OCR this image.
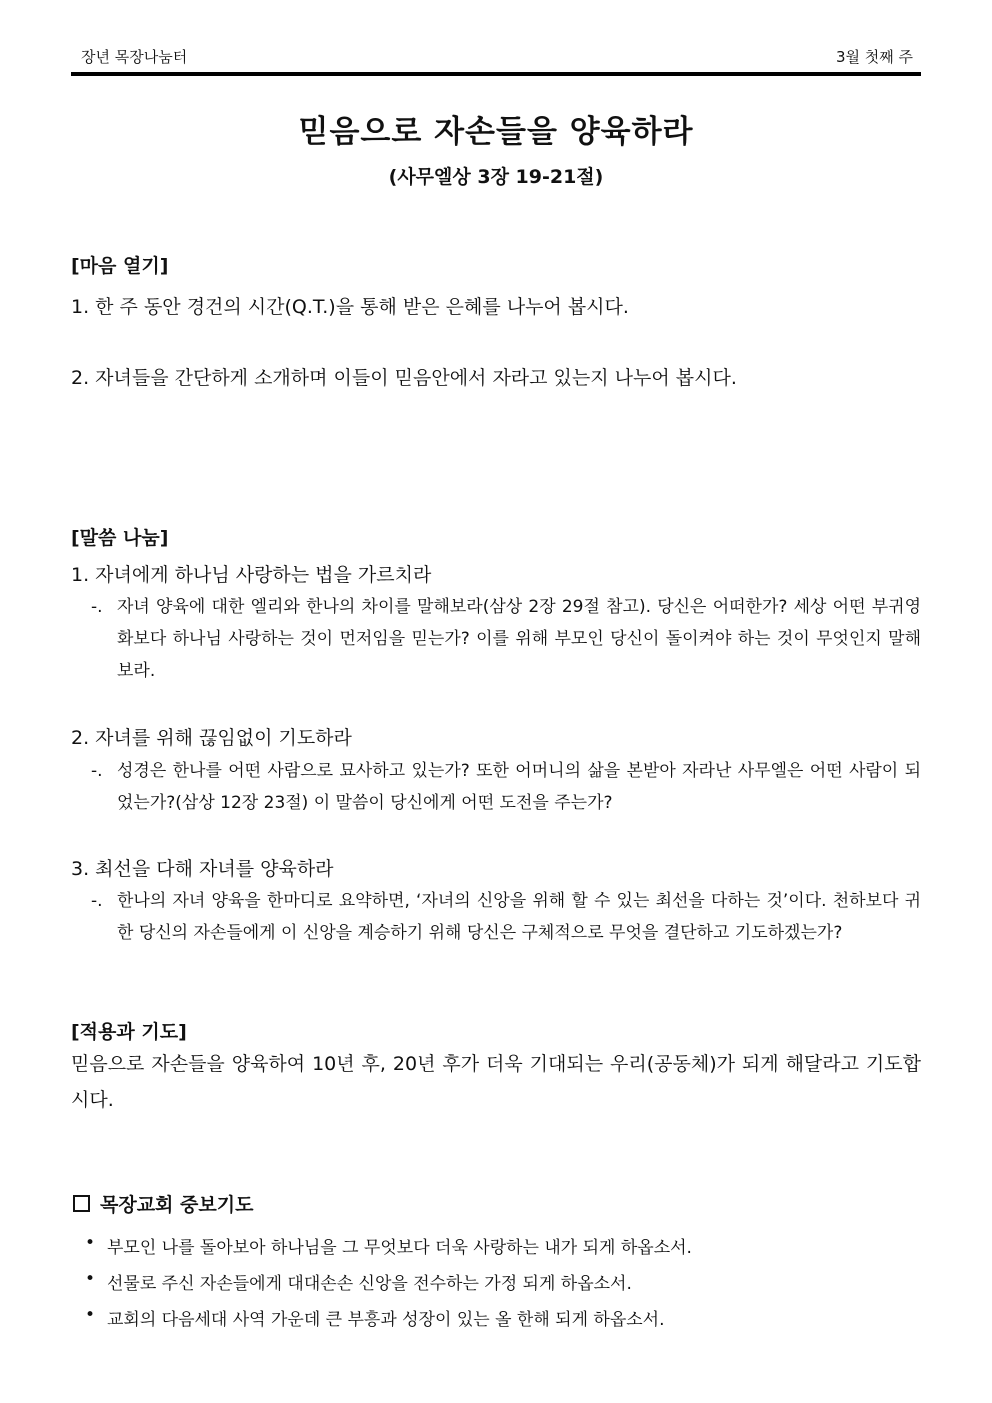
장년 목장나눔터	3월 첫째 주
믿음으로 자손들을 양육하라
(사무엘상 3장 19-21절)
[마음 열기]
1. 한 주 동안 경건의 시간(Q.T.)을 통해 받은 은혜를 나누어 봅시다.
2. 자녀들을 간단하게 소개하며 이들이 믿음안에서 자라고 있는지 나누어 봅시다.
[말씀 나눔]
1. 자녀에게 하나님 사랑하는 법을 가르치라
-. 자녀 양육에 대한 엘리와 한나의 차이를 말해보라(삼상 2장 29절 참고). 당신은 어떠한가? 세상 어떤 부귀영화보다 하나님 사랑하는 것이 먼저임을 믿는가? 이를 위해 부모인 당신이 돌이켜야 하는 것이 무엇인지 말해보라.
2. 자녀를 위해 끊임없이 기도하라
-. 성경은 한나를 어떤 사람으로 묘사하고 있는가? 또한 어머니의 삶을 본받아 자라난 사무엘은 어떤 사람이 되었는가?(삼상 12장 23절) 이 말씀이 당신에게 어떤 도전을 주는가?
3. 최선을 다해 자녀를 양육하라
-. 한나의 자녀 양육을 한마디로 요약하면, ‘자녀의 신앙을 위해 할 수 있는 최선을 다하는 것’이다. 천하보다 귀한 당신의 자손들에게 이 신앙을 계승하기 위해 당신은 구체적으로 무엇을 결단하고 기도하겠는가?
[적용과 기도]
믿음으로 자손들을 양육하여 10년 후, 20년 후가 더욱 기대되는 우리(공동체)가 되게 해달라고 기도합시다.
목장교회 중보기도
• 부모인 나를 돌아보아 하나님을 그 무엇보다 더욱 사랑하는 내가 되게 하옵소서.
• 선물로 주신 자손들에게 대대손손 신앙을 전수하는 가정 되게 하옵소서.
• 교회의 다음세대 사역 가운데 큰 부흥과 성장이 있는 올 한해 되게 하옵소서.
